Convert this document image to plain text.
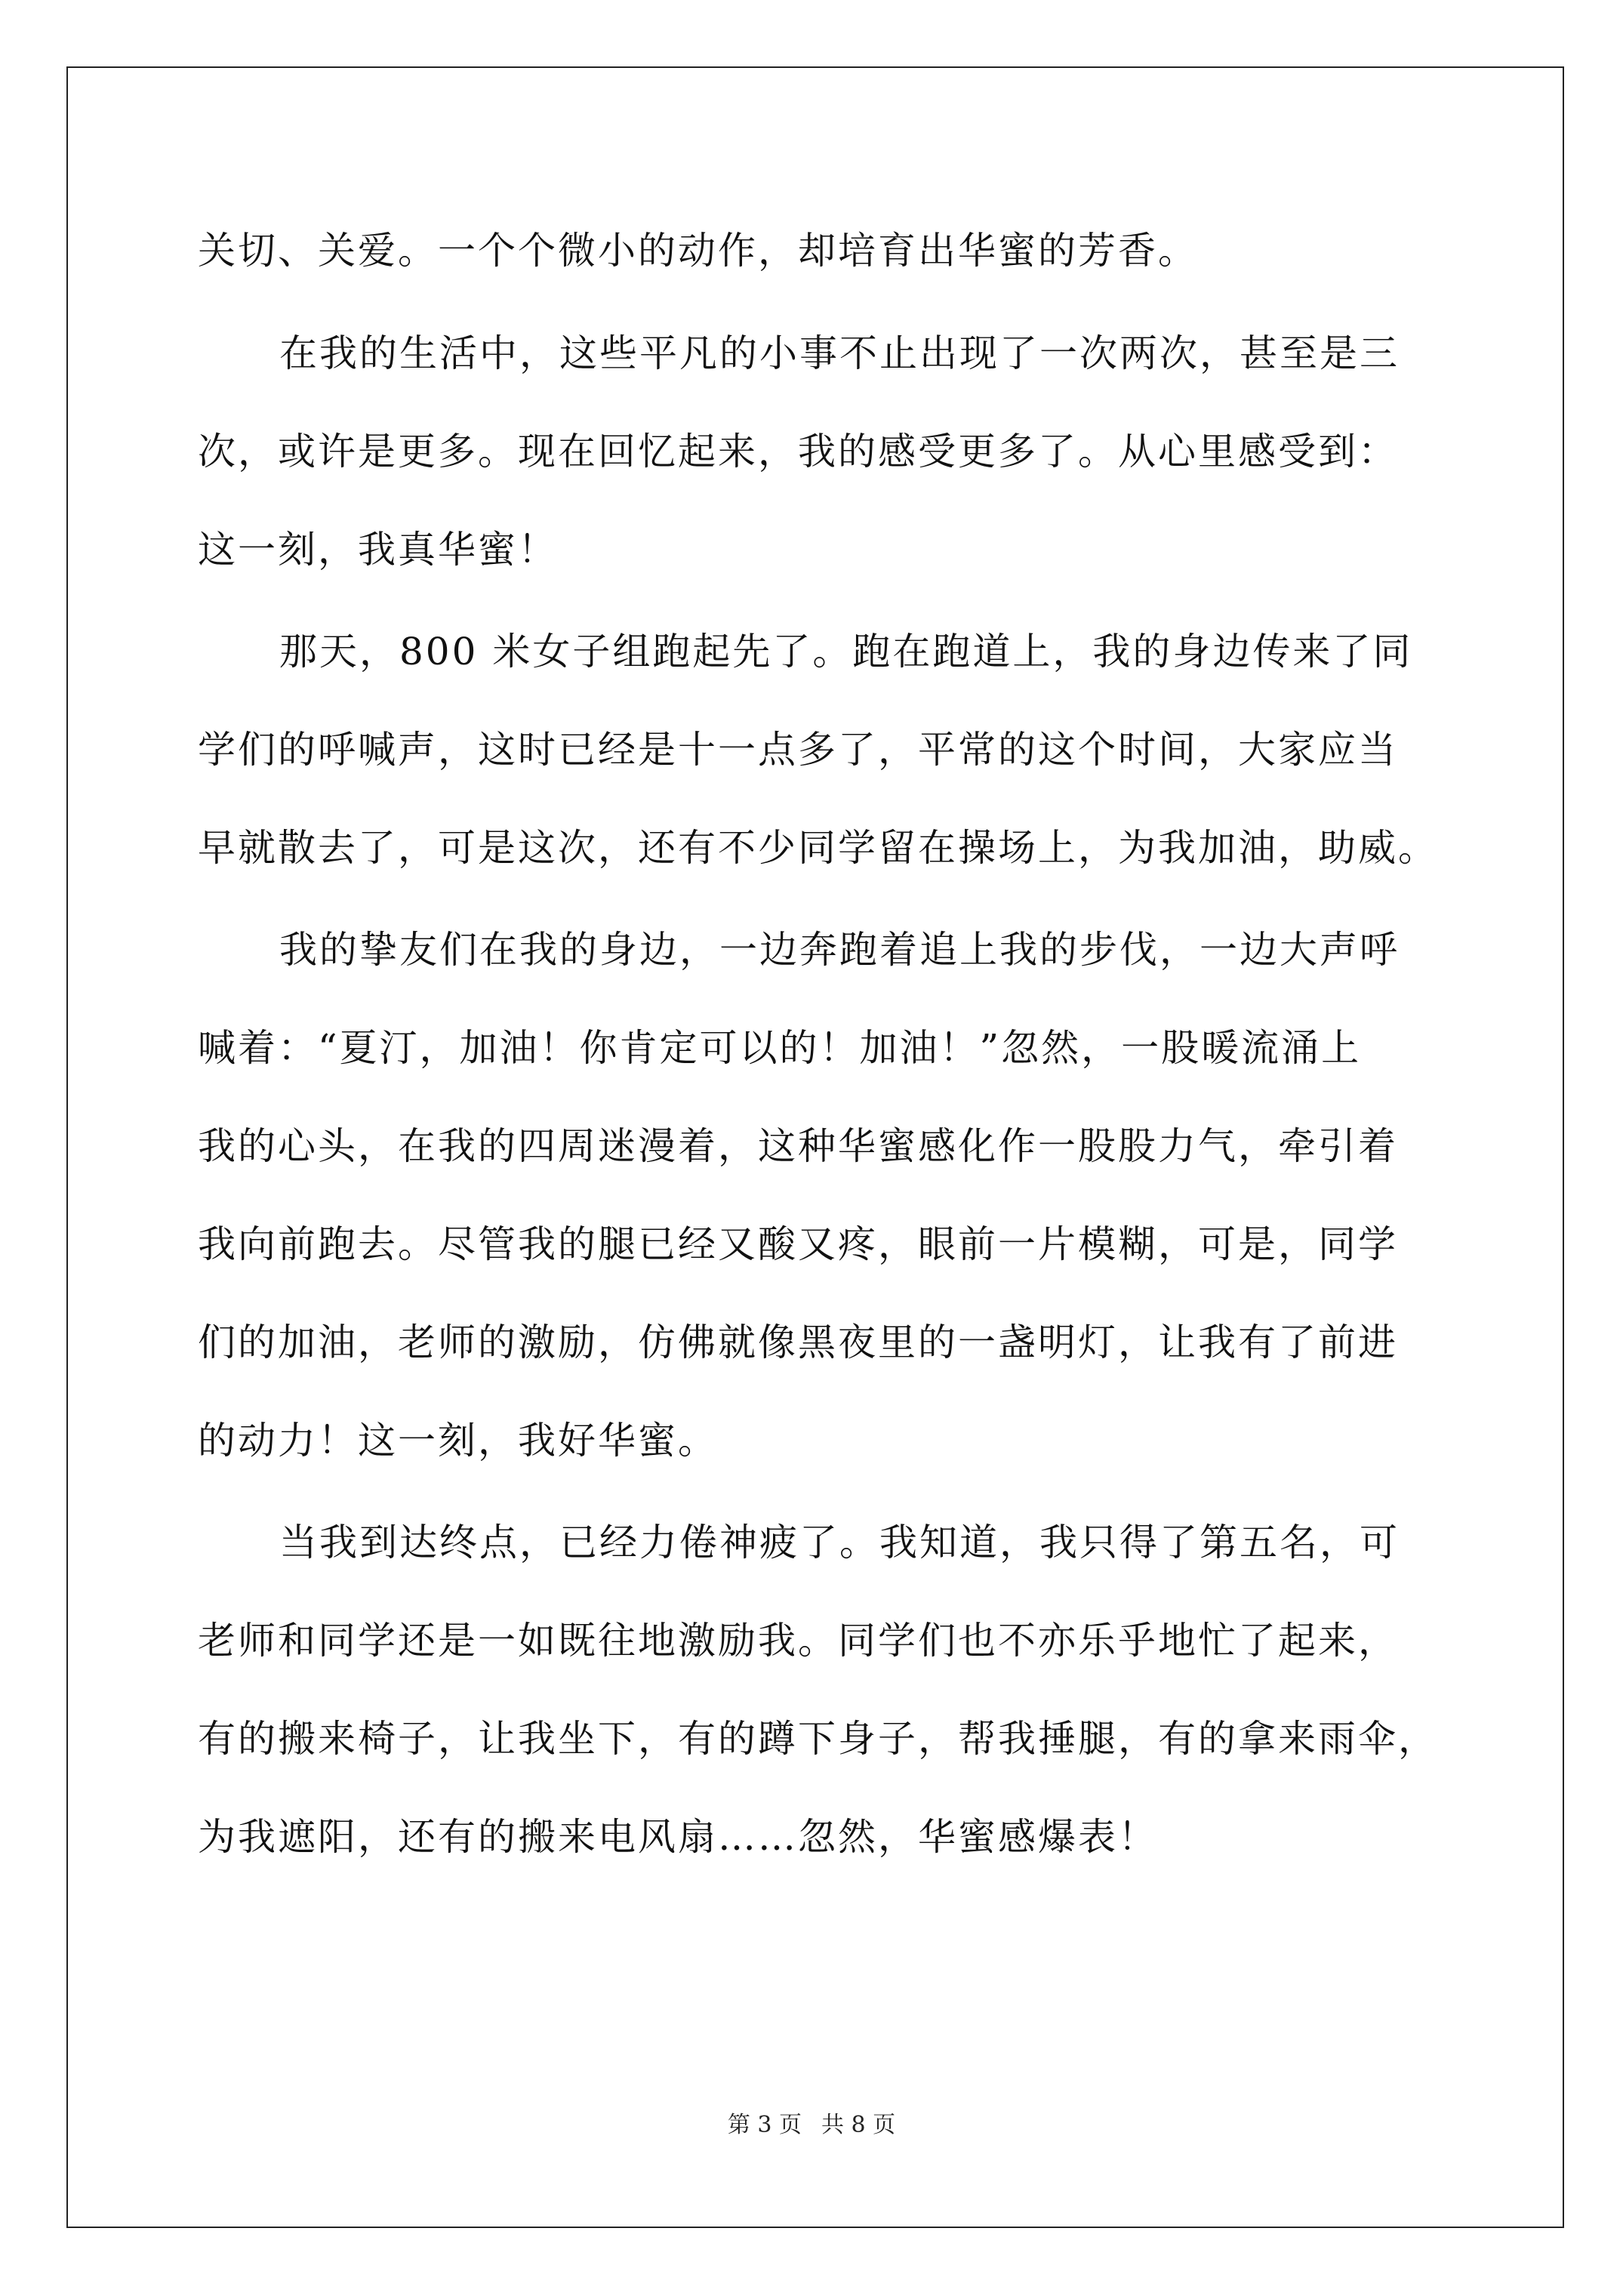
关切、关爱。一个个微小的动作，却培育出华蜜的芳香。
在我的生活中，这些平凡的小事不止出现了一次两次，甚至是三
次，或许是更多。现在回忆起来，我的感受更多了。从心里感受到：
这一刻，我真华蜜！
那天，800 米女子组跑起先了。跑在跑道上，我的身边传来了同
学们的呼喊声，这时已经是十一点多了，平常的这个时间，大家应当
早就散去了，可是这次，还有不少同学留在操场上，为我加油，助威。
我的挚友们在我的身边，一边奔跑着追上我的步伐，一边大声呼
喊着：“夏汀，加油！你肯定可以的！加油！”忽然，一股暖流涌上
我的心头，在我的四周迷漫着，这种华蜜感化作一股股力气，牵引着
我向前跑去。尽管我的腿已经又酸又疼，眼前一片模糊，可是，同学
们的加油，老师的激励，仿佛就像黑夜里的一盏明灯，让我有了前进
的动力！这一刻，我好华蜜。
当我到达终点，已经力倦神疲了。我知道，我只得了第五名，可
老师和同学还是一如既往地激励我。同学们也不亦乐乎地忙了起来，
有的搬来椅子，让我坐下，有的蹲下身子，帮我捶腿，有的拿来雨伞，
为我遮阳，还有的搬来电风扇……忽然，华蜜感爆表！
第 3 页 共 8 页
